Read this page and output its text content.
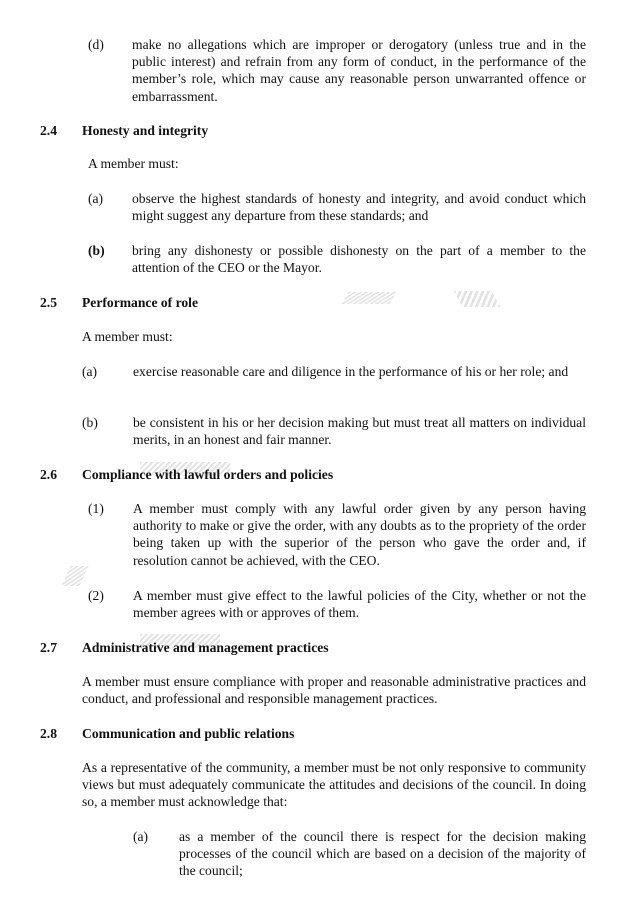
(d) make no allegations which are improper or derogatory (unless true and in the public interest) and refrain from any form of conduct, in the performance of the member’s role, which may cause any reasonable person unwarranted offence or embarrassment.
2.4 Honesty and integrity
A member must:
(a) observe the highest standards of honesty and integrity, and avoid conduct which might suggest any departure from these standards; and
(b) bring any dishonesty or possible dishonesty on the part of a member to the attention of the CEO or the Mayor.
2.5 Performance of role
A member must:
(a)	exercise reasonable care and diligence in the performance of his or her role; and
(b)	be consistent in his or her decision making but must treat all matters on individual merits, in an honest and fair manner.
2.6 Compliance with lawful orders and policies
(1) A member must comply with any lawful order given by any person having authority to make or give the order, with any doubts as to the propriety of the order being taken up with the superior of the person who gave the order and, if resolution cannot be achieved, with the CEO.
(2) A member must give effect to the lawful policies of the City, whether or not the member agrees with or approves of them.
2.7 Administrative and management practices
A member must ensure compliance with proper and reasonable administrative practices and conduct, and professional and responsible management practices.
2.8 Communication and public relations
As a representative of the community, a member must be not only responsive to community views but must adequately communicate the attitudes and decisions of the council. In doing so, a member must acknowledge that:
(a) as a member of the council there is respect for the decision making processes of the council which are based on a decision of the majority of the council;
